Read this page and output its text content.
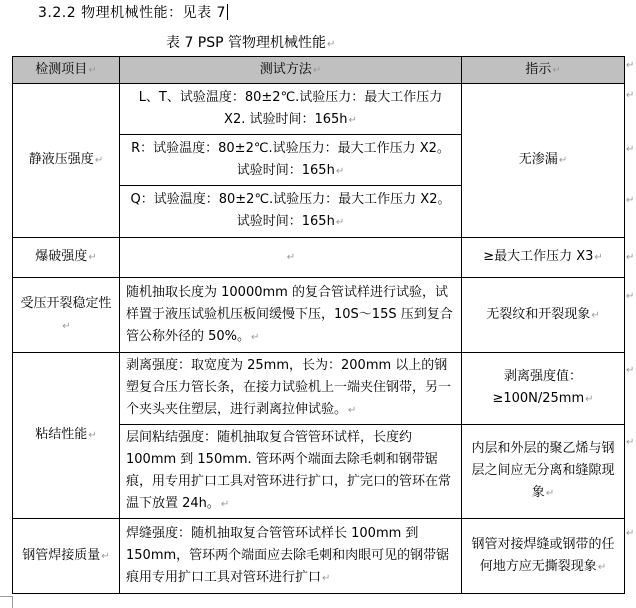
3.2.2 物理机械性能：见表 7
表 7 PSP 管物理机械性能↵
检测项目↵	测试方法↵	指示↵
静液压强度↵	L、T、试验温度：80±2℃.试验压力：最大工作压力 X2. 试验时间：165h↵	无渗漏↵
	R：试验温度：80±2℃.试验压力：最大工作压力 X2。试验时间：165h↵	
	Q：试验温度：80±2℃.试验压力：最大工作压力 X2。试验时间：165h↵	
爆破强度↵	↵	≥最大工作压力 X3↵
受压开裂稳定性↵	随机抽取长度为 10000mm 的复合管试样进行试验，试样置于液压试验机压板间缓慢下压，10S～15S 压到复合管公称外径的 50%。↵	无裂纹和开裂现象↵
粘结性能↵	剥离强度：取宽度为 25mm，长为：200mm 以上的钢塑复合压力管长条，在接力试验机上一端夹住钢带，另一个夹头夹住塑层，进行剥离拉伸试验。↵	剥离强度值：≥100N/25mm↵
	层间粘结强度：随机抽取复合管管环试样，长度约 100mm 到 150mm. 管环两个端面去除毛刺和钢带锯痕，用专用扩口工具对管环进行扩口，扩完口的管环在常温下放置 24h。↵	内层和外层的聚乙烯与钢层之间应无分离和缝隙现象↵
钢管焊接质量↵	焊缝强度：随机抽取复合管管环试样长 100mm 到 150mm，管环两个端面应去除毛刺和肉眼可见的钢带锯痕用专用扩口工具对管环进行扩口↵	钢管对接焊缝或钢带的任何地方应无撕裂现象↵
↵
↵
↵
↵
↵
↵
↵
↵
↵
